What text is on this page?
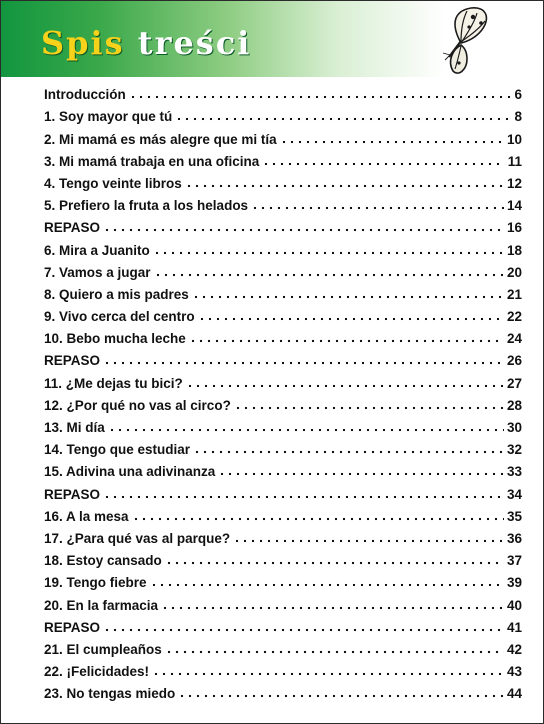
Spis treści
Introducción	6
1. Soy mayor que tú	8
2. Mi mamá es más alegre que mi tía	10
3. Mi mamá trabaja en una oficina	11
4. Tengo veinte libros	12
5. Prefiero la fruta a los helados	14
REPASO	16
6. Mira a Juanito	18
7. Vamos a jugar	20
8. Quiero a mis padres	21
9. Vivo cerca del centro	22
10. Bebo mucha leche	24
REPASO	26
11. ¿Me dejas tu bici?	27
12. ¿Por qué no vas al circo?	28
13. Mi día	30
14. Tengo que estudiar	32
15. Adivina una adivinanza	33
REPASO	34
16. A la mesa	35
17. ¿Para qué vas al parque?	36
18. Estoy cansado	37
19. Tengo fiebre	39
20. En la farmacia	40
REPASO	41
21. El cumpleaños	42
22. ¡Felicidades!	43
23. No tengas miedo	44
